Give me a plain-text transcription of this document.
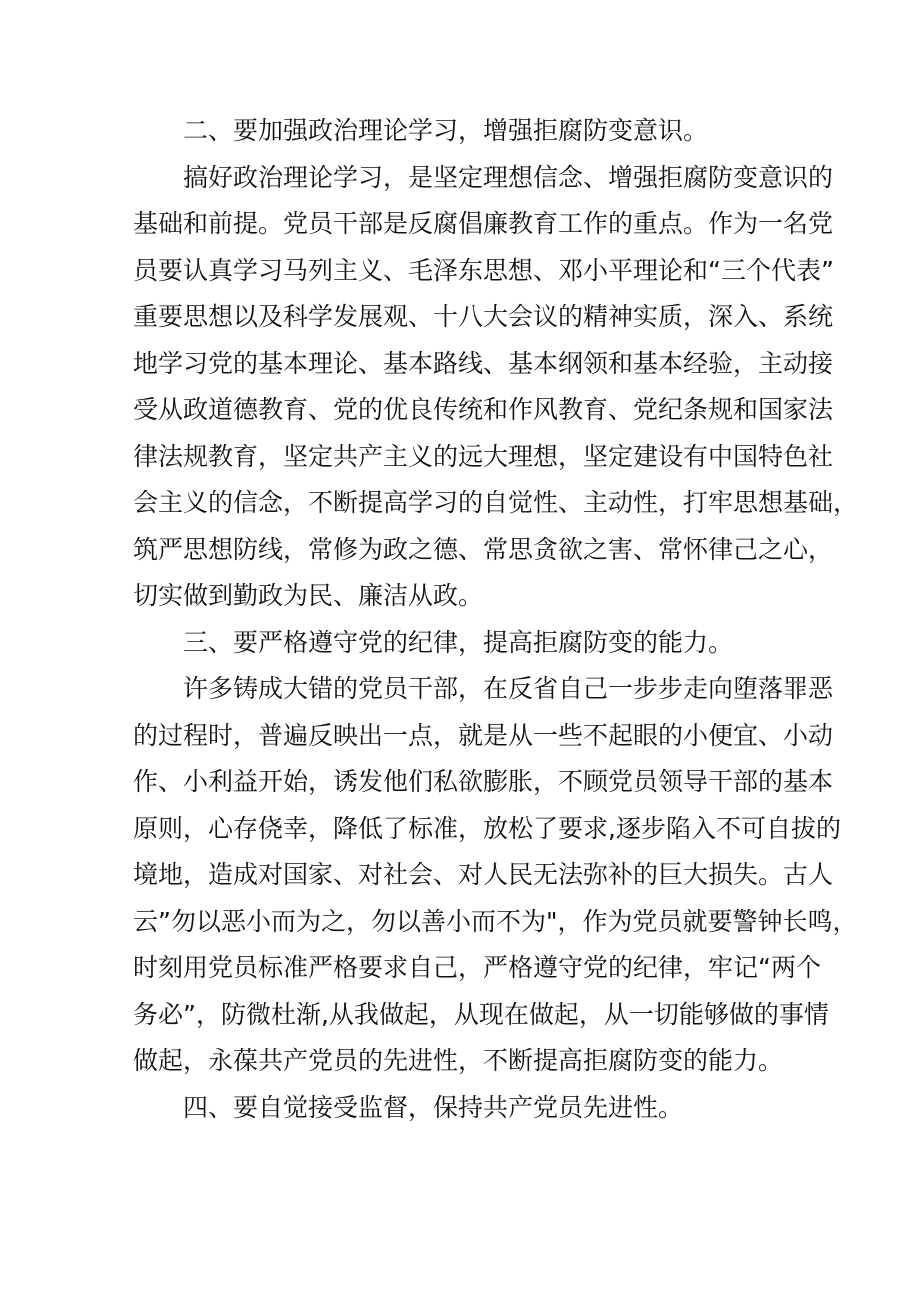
二、要加强政治理论学习，增强拒腐防变意识。
搞好政治理论学习，是坚定理想信念、增强拒腐防变意识的
基础和前提。党员干部是反腐倡廉教育工作的重点。作为一名党
员要认真学习马列主义、毛泽东思想、邓小平理论和“三个代表”
重要思想以及科学发展观、十八大会议的精神实质，深入、系统
地学习党的基本理论、基本路线、基本纲领和基本经验，主动接
受从政道德教育、党的优良传统和作风教育、党纪条规和国家法
律法规教育，坚定共产主义的远大理想，坚定建设有中国特色社
会主义的信念，不断提高学习的自觉性、主动性，打牢思想基础，
筑严思想防线，常修为政之德、常思贪欲之害、常怀律己之心，
切实做到勤政为民、廉洁从政。

三、要严格遵守党的纪律，提高拒腐防变的能力。
许多铸成大错的党员干部，在反省自己一步步走向堕落罪恶
的过程时，普遍反映出一点，就是从一些不起眼的小便宜、小动
作、小利益开始，诱发他们私欲膨胀，不顾党员领导干部的基本
原则，心存侥幸，降低了标准，放松了要求,逐步陷入不可自拔的
境地，造成对国家、对社会、对人民无法弥补的巨大损失。古人
云”勿以恶小而为之，勿以善小而不为"，作为党员就要警钟长鸣，
时刻用党员标准严格要求自己，严格遵守党的纪律，牢记“两个
务必”，防微杜渐,从我做起，从现在做起，从一切能够做的事情
做起，永葆共产党员的先进性，不断提高拒腐防变的能力。

四、要自觉接受监督，保持共产党员先进性。
